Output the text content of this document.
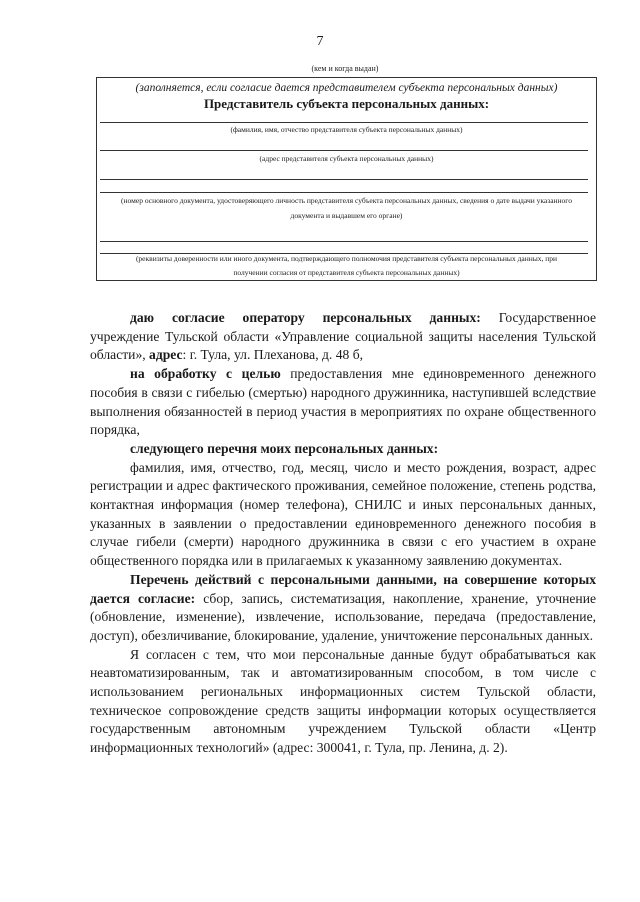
7
(кем и когда выдан)
(заполняется, если согласие дается представителем субъекта персональных данных)
Представитель субъекта персональных данных:
(фамилия, имя, отчество представителя субъекта персональных данных)
(адрес представителя субъекта персональных данных)
(номер основного документа, удостоверяющего личность представителя субъекта персональных данных, сведения о дате выдачи указанного
документа и выдавшем его органе)
(реквизиты доверенности или иного документа, подтверждающего полномочия представителя субъекта персональных данных, при
получении согласия от представителя субъекта персональных данных)

даю согласие оператору персональных данных: Государственное учреждение Тульской области «Управление социальной защиты населения Тульской области», адрес: г. Тула, ул. Плеханова, д. 48 б,

на обработку с целью предоставления мне единовременного денежного пособия в связи с гибелью (смертью) народного дружинника, наступившей вследствие выполнения обязанностей в период участия в мероприятиях по охране общественного порядка,

следующего перечня моих персональных данных:

фамилия, имя, отчество, год, месяц, число и место рождения, возраст, адрес регистрации и адрес фактического проживания, семейное положение, степень родства, контактная информация (номер телефона), СНИЛС и иных персональных данных, указанных в заявлении о предоставлении единовременного денежного пособия в случае гибели (смерти) народного дружинника в связи с его участием в охране общественного порядка или в прилагаемых к указанному заявлению документах.

Перечень действий с персональными данными, на совершение которых дается согласие: сбор, запись, систематизация, накопление, хранение, уточнение (обновление, изменение), извлечение, использование, передача (предоставление, доступ), обезличивание, блокирование, удаление, уничтожение персональных данных.

Я согласен с тем, что мои персональные данные будут обрабатываться как неавтоматизированным, так и автоматизированным способом, в том числе с использованием региональных информационных систем Тульской области, техническое сопровождение средств защиты информации которых осуществляется государственным автономным учреждением Тульской области «Центр информационных технологий» (адрес: 300041, г. Тула, пр. Ленина, д. 2).
